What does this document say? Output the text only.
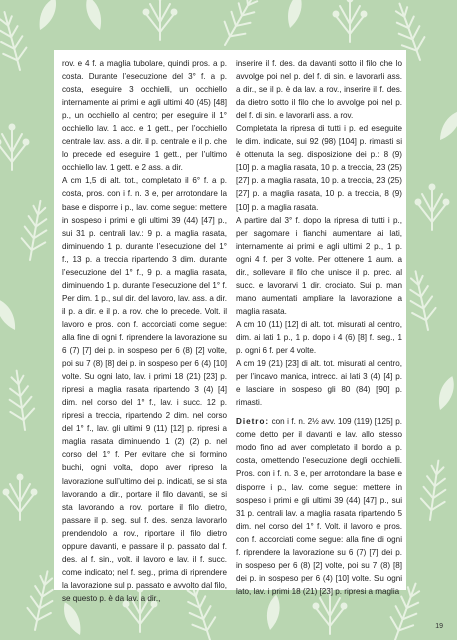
rov. e 4 f. a maglia tubolare, quindi pros. a p. costa. Durante l’esecuzione del 3° f. a p. costa, eseguire 3 occhielli, un occhiello internamente ai primi e agli ultimi 40 (45) [48] p., un occhiello al centro; per eseguire il 1° occhiello lav. 1 acc. e 1 gett., per l’occhiello centrale lav. ass. a dir. il p. centrale e il p. che lo precede ed eseguire 1 gett., per l’ultimo occhiello lav. 1 gett. e 2 ass. a dir.

A cm 1,5 di alt. tot., completato il 6° f. a p. costa, pros. con i f. n. 3 e, per arrotondare la base e disporre i p., lav. come segue: mettere in sospeso i primi e gli ultimi 39 (44) [47] p., sui 31 p. centrali lav.: 9 p. a maglia rasata, diminuendo 1 p. durante l’esecuzione del 1° f., 13 p. a treccia ripartendo 3 dim. durante l’esecuzione del 1° f., 9 p. a maglia rasata, diminuendo 1 p. durante l’esecuzione del 1° f. Per dim. 1 p., sul dir. del lavoro, lav. ass. a dir. il p. a dir. e il p. a rov. che lo precede. Volt. il lavoro e pros. con f. accorciati come segue: alla fine di ogni f. riprendere la lavorazione su 6 (7) [7] dei p. in sospeso per 6 (8) [2] volte, poi su 7 (8) [8] dei p. in sospeso per 6 (4) [10] volte. Su ogni lato, lav. i primi 18 (21) [23] p. ripresi a maglia rasata ripartendo 3 (4) [4] dim. nel corso del 1° f., lav. i succ. 12 p. ripresi a treccia, ripartendo 2 dim. nel corso del 1° f., lav. gli ultimi 9 (11) [12] p. ripresi a maglia rasata diminuendo 1 (2) (2) p. nel corso del 1° f. Per evitare che si formino buchi, ogni volta, dopo aver ripreso la lavorazione sull’ultimo dei p. indicati, se si sta lavorando a dir., portare il filo davanti, se si sta lavorando a rov. portare il filo dietro, passare il p. seg. sul f. des. senza lavorarlo prendendolo a rov., riportare il filo dietro oppure davanti, e passare il p. passato dal f. des. al f. sin., volt. il lavoro e lav. il f. succ. come indicato; nel f. seg., prima di riprendere la lavorazione sul p. passato e avvolto dal filo, se questo p. è da lav. a dir.,

inserire il f. des. da davanti sotto il filo che lo avvolge poi nel p. del f. di sin. e lavorarli ass. a dir., se il p. è da lav. a rov., inserire il f. des. da dietro sotto il filo che lo avvolge poi nel p. del f. di sin. e lavorarli ass. a rov.

Completata la ripresa di tutti i p. ed eseguite le dim. indicate, sui 92 (98) [104] p. rimasti si è ottenuta la seg. disposizione dei p.: 8 (9) [10] p. a maglia rasata, 10 p. a treccia, 23 (25) [27] p. a maglia rasata, 10 p. a treccia, 23 (25) [27] p. a maglia rasata, 10 p. a treccia, 8 (9) [10] p. a maglia rasata.

A partire dal 3° f. dopo la ripresa di tutti i p., per sagomare i fianchi aumentare ai lati, internamente ai primi e agli ultimi 2 p., 1 p. ogni 4 f. per 3 volte. Per ottenere 1 aum. a dir., sollevare il filo che unisce il p. prec. al succ. e lavorarvi 1 dir. crociato. Sui p. man mano aumentati ampliare la lavorazione a maglia rasata.

A cm 10 (11) [12] di alt. tot. misurati al centro, dim. ai lati 1 p., 1 p. dopo i 4 (6) [8] f. seg., 1 p. ogni 6 f. per 4 volte.

A cm 19 (21) [23] di alt. tot. misurati al centro, per l’incavo manica, intrecc. ai lati 3 (4) [4] p. e lasciare in sospeso gli 80 (84) [90] p. rimasti.

Dietro: con i f. n. 2½ avv. 109 (119) [125] p. come detto per il davanti e lav. allo stesso modo fino ad aver completato il bordo a p. costa, omettendo l’esecuzione degli occhielli. Pros. con i f. n. 3 e, per arrotondare la base e disporre i p., lav. come segue: mettere in sospeso i primi e gli ultimi 39 (44) [47] p., sui 31 p. centrali lav. a maglia rasata ripartendo 5 dim. nel corso del 1° f. Volt. il lavoro e pros. con f. accorciati come segue: alla fine di ogni f. riprendere la lavorazione su 6 (7) [7] dei p. in sospeso per 6 (8) [2] volte, poi su 7 (8) [8] dei p. in sospeso per 6 (4) [10] volte. Su ogni lato, lav. i primi 18 (21) [23] p. ripresi a maglia

19
